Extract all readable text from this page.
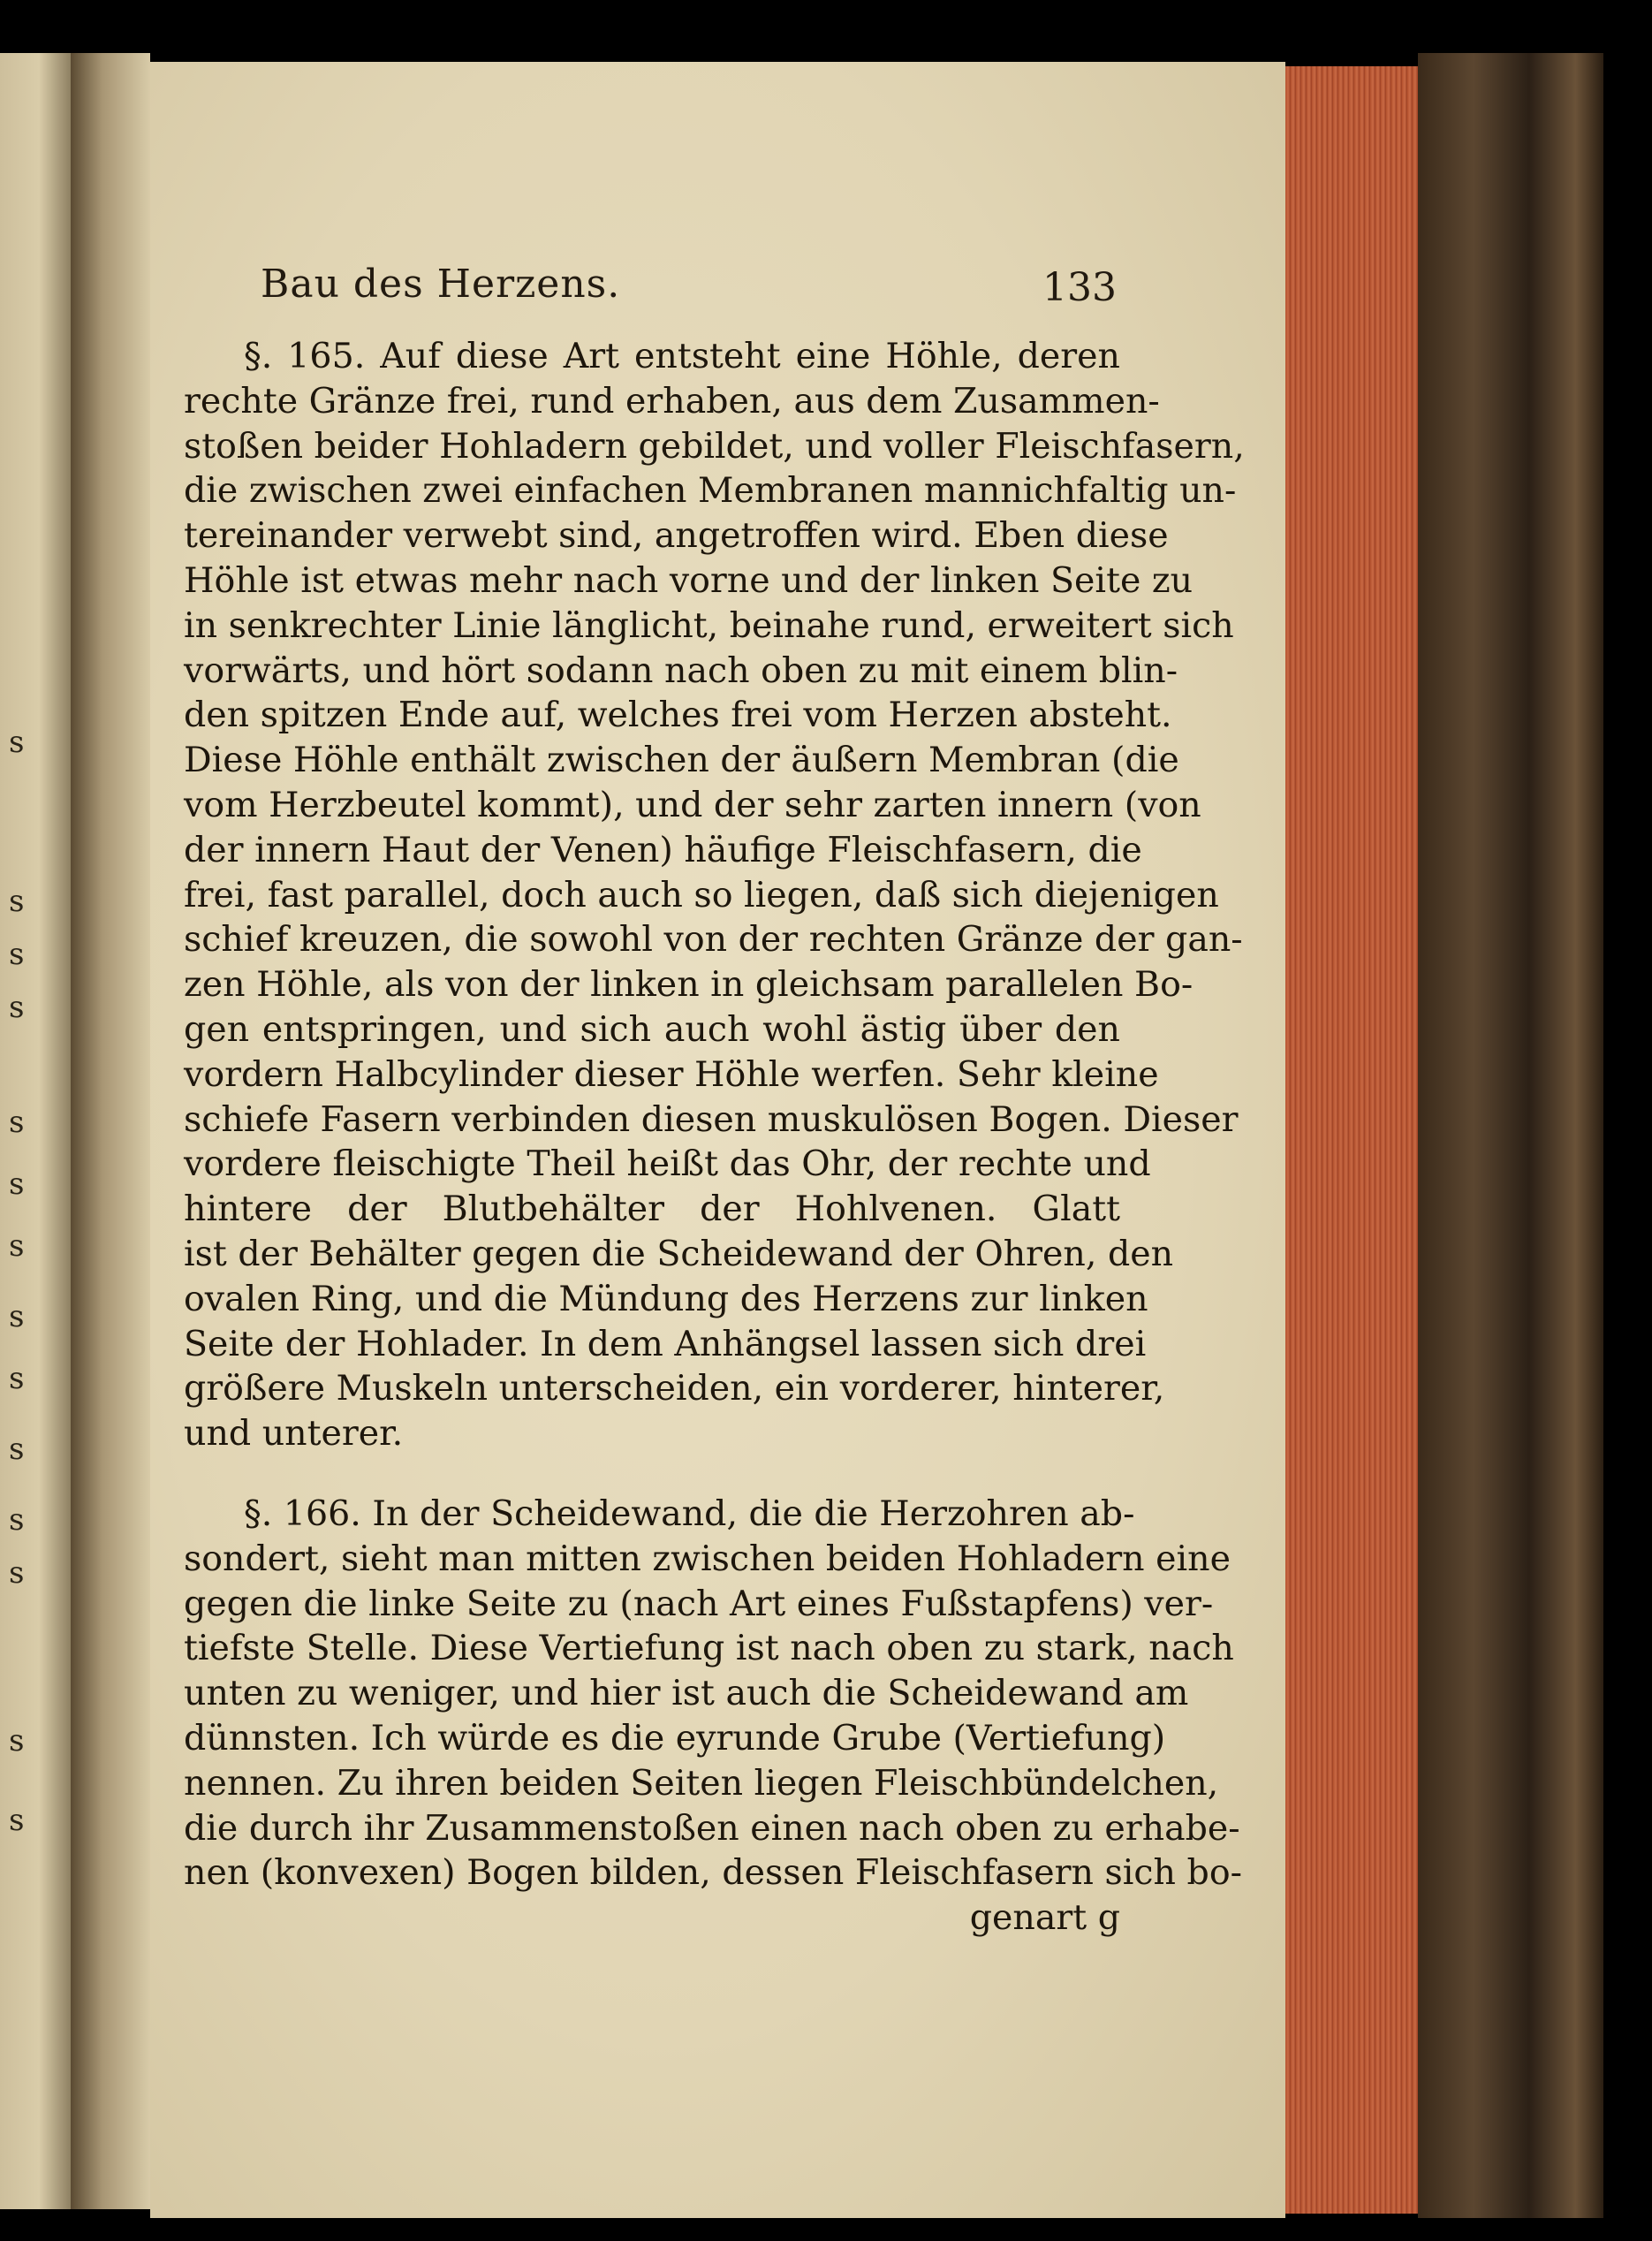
s
s
s
s
s
s
s
s
s
s
s
s
s
s
Bau des Herzens.	133
§. 165. Auf diese Art entsteht eine Höhle, deren
rechte Gränze frei, rund erhaben, aus dem Zusammen-
stoßen beider Hohladern gebildet, und voller Fleischfasern,
die zwischen zwei einfachen Membranen mannichfaltig un-
tereinander verwebt sind, angetroffen wird. Eben diese
Höhle ist etwas mehr nach vorne und der linken Seite zu
in senkrechter Linie länglicht, beinahe rund, erweitert sich
vorwärts, und hört sodann nach oben zu mit einem blin-
den spitzen Ende auf, welches frei vom Herzen absteht.
Diese Höhle enthält zwischen der äußern Membran (die
vom Herzbeutel kommt), und der sehr zarten innern (von
der innern Haut der Venen) häufige Fleischfasern, die
frei, fast parallel, doch auch so liegen, daß sich diejenigen
schief kreuzen, die sowohl von der rechten Gränze der gan-
zen Höhle, als von der linken in gleichsam parallelen Bo-
gen entspringen, und sich auch wohl ästig über den
vordern Halbcylinder dieser Höhle werfen. Sehr kleine
schiefe Fasern verbinden diesen muskulösen Bogen. Dieser
vordere fleischigte Theil heißt das Ohr, der rechte und
hintere der Blutbehälter der Hohlvenen. Glatt
ist der Behälter gegen die Scheidewand der Ohren, den
ovalen Ring, und die Mündung des Herzens zur linken
Seite der Hohlader. In dem Anhängsel lassen sich drei
größere Muskeln unterscheiden, ein vorderer, hinterer,
und unterer.
§. 166. In der Scheidewand, die die Herzohren ab-
sondert, sieht man mitten zwischen beiden Hohladern eine
gegen die linke Seite zu (nach Art eines Fußstapfens) ver-
tiefste Stelle. Diese Vertiefung ist nach oben zu stark, nach
unten zu weniger, und hier ist auch die Scheidewand am
dünnsten. Ich würde es die eyrunde Grube (Vertiefung)
nennen. Zu ihren beiden Seiten liegen Fleischbündelchen,
die durch ihr Zusammenstoßen einen nach oben zu erhabe-
nen (konvexen) Bogen bilden, dessen Fleischfasern sich bo-
genart g
